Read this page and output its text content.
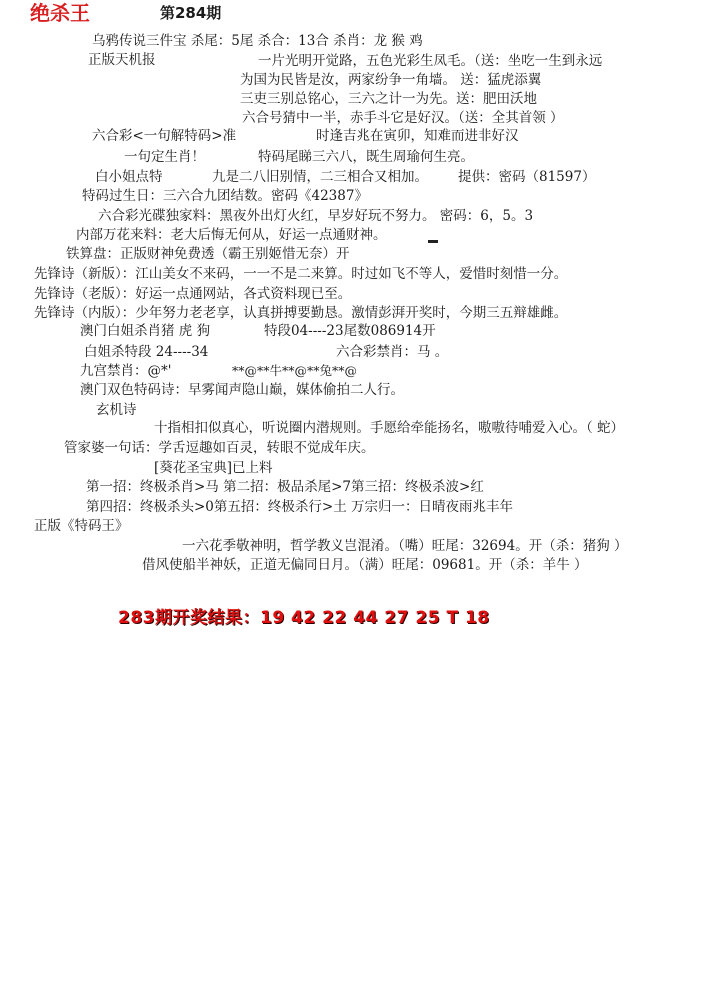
绝杀王	第284期
乌鸦传说三件宝 杀尾：5尾 杀合：13合 杀肖：龙 猴 鸡
正版天机报	一片光明开觉路，五色光彩生凤毛。（送：坐吃一生到永远
为国为民皆是汝，两家纷争一角墙。 送：猛虎添翼
三吏三别总铭心，三六之计一为先。送：肥田沃地
六合号猜中一半，赤手斗它是好汉。（送：全其首领 ）
六合彩<一句解特码>准	时逢吉兆在寅卯，知难而进非好汉
一句定生肖！	特码尾睇三六八，既生周瑜何生亮。
白小姐点特	九是二八旧别情，二三相合又相加。 提供：密码（81597）
特码过生日：三六合九团结数。密码《42387》
六合彩光碟独家料：黑夜外出灯火红，早岁好玩不努力。 密码：6，5。3
内部万花来料：老大后悔无何从，好运一点通财神。
铁算盘：正版财神免费透（霸王别姬惜无奈）开
先锋诗（新版）：江山美女不来码，一一不是二来算。时过如飞不等人，爱惜时刻惜一分。
先锋诗（老版）：好运一点通网站，各式资料现已至。
先锋诗（内版）：少年努力老老享，认真拼搏要勤恳。激情彭湃开奖时，今期三五辩雄雌。
澳门白姐杀肖猪 虎 狗	特段04----23尾数086914开
白姐杀特段 24----34	六合彩禁肖：马 。
九宫禁肖：@*'	**@**牛**@**兔**@
澳门双色特码诗：早雾闻声隐山巅，媒体偷拍二人行。
玄机诗
十指相扣似真心，听说圈内潜规则。手愿给牵能扬名，嗷嗷待哺爱入心。（ 蛇）
管家婆一句话：学舌逗趣如百灵，转眼不觉成年庆。
[葵花圣宝典]已上料
第一招：终极杀肖>马 第二招：极品杀尾>7第三招：终极杀波>红
第四招：终极杀头>0第五招：终极杀行>土 万宗归一：日晴夜雨兆丰年
正版《特码王》
一六花季敬神明，哲学教义岂混淆。（嘴）旺尾：32694。开（杀：猪狗 ）
借风使船半神妖，正道无偏同日月。（满）旺尾：09681。开（杀：羊牛 ）
283期开奖结果：19 42 22 44 27 25 T 18
